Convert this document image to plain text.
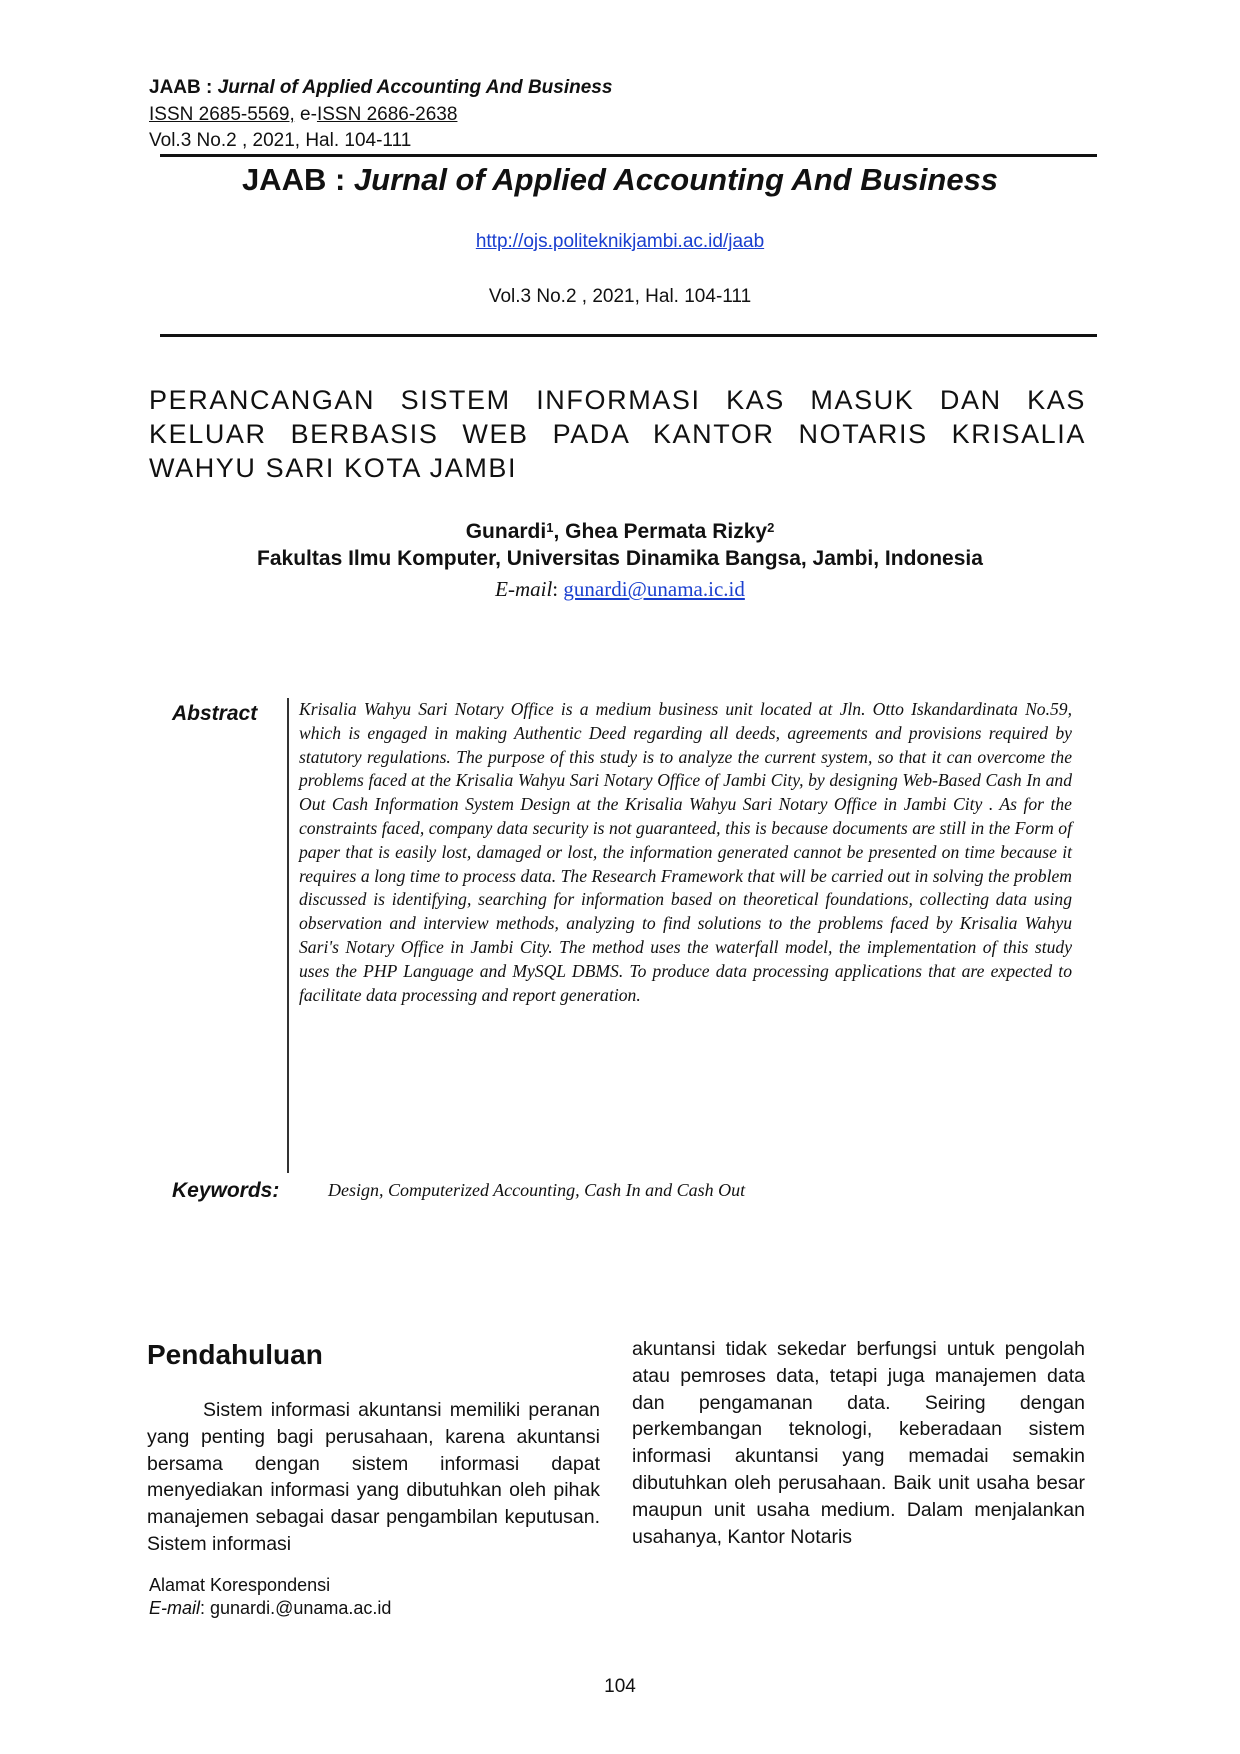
JAAB : Jurnal of Applied Accounting And Business
ISSN 2685-5569, e-ISSN 2686-2638
Vol.3 No.2 , 2021, Hal. 104-111
JAAB : Jurnal of Applied Accounting And Business
http://ojs.politeknikjambi.ac.id/jaab
Vol.3 No.2 , 2021, Hal. 104-111
PERANCANGAN SISTEM INFORMASI KAS MASUK DAN KAS KELUAR BERBASIS WEB PADA KANTOR NOTARIS KRISALIA WAHYU SARI KOTA JAMBI
Gunardi$^1$, Ghea Permata Rizky$^2$
Fakultas Ilmu Komputer, Universitas Dinamika Bangsa, Jambi, Indonesia
E-mail: gunardi@unama.ic.id
Abstract Krisalia Wahyu Sari Notary Office is a medium business unit located at Jln. Otto Iskandardinata No.59, which is engaged in making Authentic Deed regarding all deeds, agreements and provisions required by statutory regulations. The purpose of this study is to analyze the current system, so that it can overcome the problems faced at the Krisalia Wahyu Sari Notary Office of Jambi City, by designing Web-Based Cash In and Out Cash Information System Design at the Krisalia Wahyu Sari Notary Office in Jambi City . As for the constraints faced, company data security is not guaranteed, this is because documents are still in the Form of paper that is easily lost, damaged or lost, the information generated cannot be presented on time because it requires a long time to process data. The Research Framework that will be carried out in solving the problem discussed is identifying, searching for information based on theoretical foundations, collecting data using observation and interview methods, analyzing to find solutions to the problems faced by Krisalia Wahyu Sari's Notary Office in Jambi City. The method uses the waterfall model, the implementation of this study uses the PHP Language and MySQL DBMS. To produce data processing applications that are expected to facilitate data processing and report generation.
Keywords:	Design, Computerized Accounting, Cash In and Cash Out
Pendahuluan
Sistem informasi akuntansi memiliki peranan yang penting bagi perusahaan, karena akuntansi bersama dengan sistem informasi dapat menyediakan informasi yang dibutuhkan oleh pihak manajemen sebagai dasar pengambilan keputusan. Sistem informasi
akuntansi tidak sekedar berfungsi untuk pengolah atau pemroses data, tetapi juga manajemen data dan pengamanan data. Seiring dengan perkembangan teknologi, keberadaan sistem informasi akuntansi yang memadai semakin dibutuhkan oleh perusahaan. Baik unit usaha besar maupun unit usaha medium. Dalam menjalankan usahanya, Kantor Notaris
Alamat Korespondensi
E-mail: gunardi.@unama.ac.id
104
